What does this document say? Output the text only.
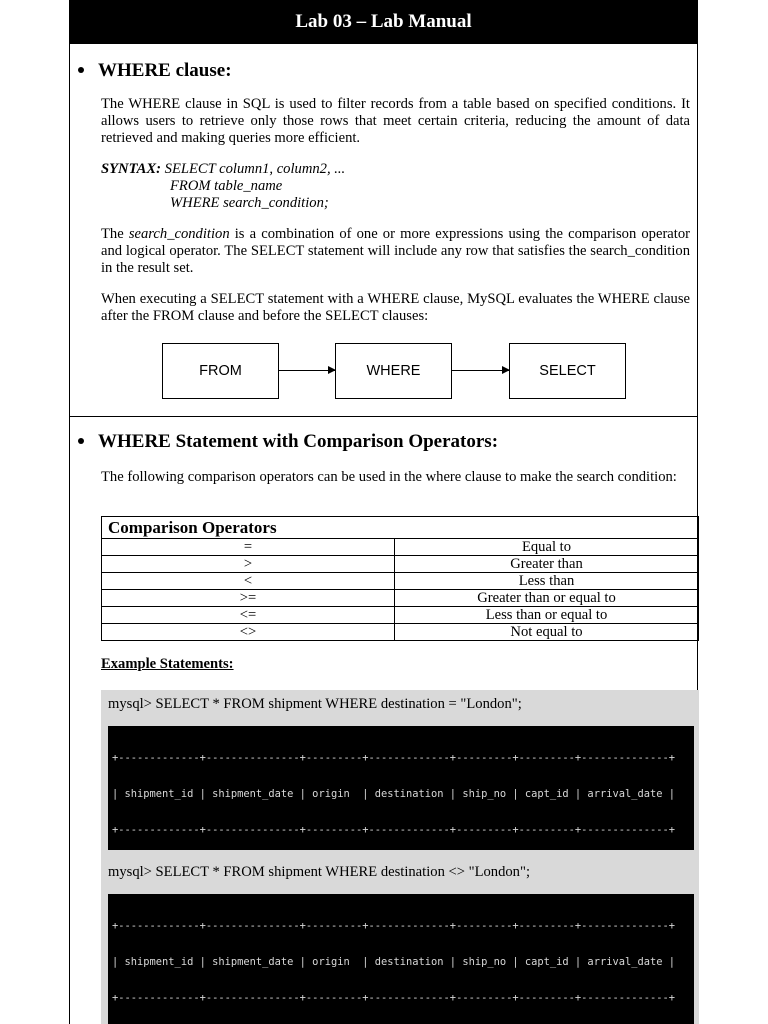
Lab 03 – Lab Manual
WHERE clause:
The WHERE clause in SQL is used to filter records from a table based on specified conditions. It allows users to retrieve only those rows that meet certain criteria, reducing the amount of data retrieved and making queries more efficient.
SYNTAX: SELECT column1, column2, ...
FROM table_name
WHERE search_condition;
The search_condition is a combination of one or more expressions using the comparison operator and logical operator. The SELECT statement will include any row that satisfies the search_condition in the result set.
When executing a SELECT statement with a WHERE clause, MySQL evaluates the WHERE clause after the FROM clause and before the SELECT clauses:
FROM	WHERE	SELECT
WHERE Statement with Comparison Operators:
The following comparison operators can be used in the where clause to make the search condition:
Comparison Operators	
=	Equal to
>	Greater than
<	Less than
>=	Greater than or equal to
<=	Less than or equal to
<>	Not equal to
Example Statements:
mysql> SELECT * FROM shipment WHERE destination = "London";

+-------------+---------------+---------+-------------+---------+---------+--------------+

| shipment_id | shipment_date | origin  | destination | ship_no | capt_id | arrival_date |

+-------------+---------------+---------+-------------+---------+---------+--------------+

mysql> SELECT * FROM shipment WHERE destination <> "London";

+-------------+---------------+---------+-------------+---------+---------+--------------+

| shipment_id | shipment_date | origin  | destination | ship_no | capt_id | arrival_date |

+-------------+---------------+---------+-------------+---------+---------+--------------+
